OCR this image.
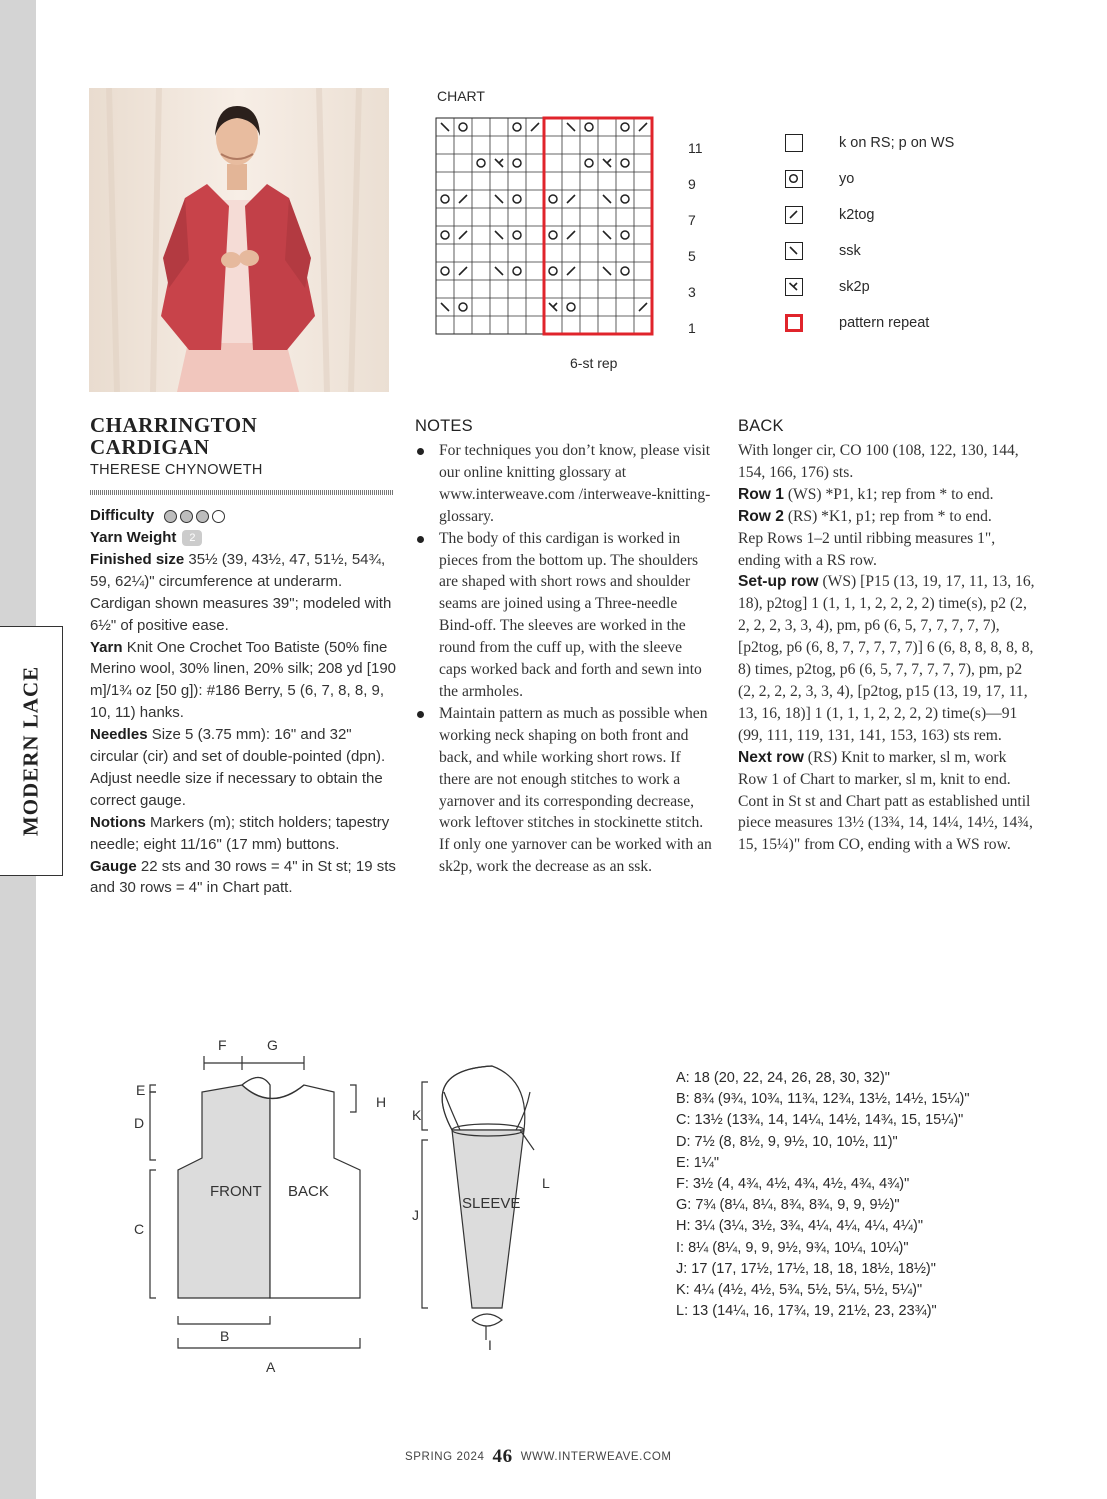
MODERN LACE
CHART
11
9
7
5
3
1
6-st rep
k on RS; p on WS
yo
k2tog
ssk
sk2p
pattern repeat
CHARRINGTON
CARDIGAN
THERESE CHYNOWETH

Difficulty

Yarn Weight 2

Finished size 35½ (39, 43½, 47, 51½, 54¾, 59, 62¼)" circumference at underarm. Cardigan shown measures 39"; modeled with 6½" of positive ease.

Yarn Knit One Crochet Too Batiste (50% fine Merino wool, 30% linen, 20% silk; 208 yd [190 m]/1¾ oz [50 g]): #186 Berry, 5 (6, 7, 8, 8, 9, 10, 11) hanks.

Needles Size 5 (3.75 mm): 16" and 32" circular (cir) and set of double-pointed (dpn). Adjust needle size if necessary to obtain the correct gauge.

Notions Markers (m); stitch holders; tapestry needle; eight 11/16" (17 mm) buttons.

Gauge 22 sts and 30 rows = 4" in St st; 19 sts and 30 rows = 4" in Chart patt.

NOTES
For techniques you don’t know, please visit our online knitting glossary at www.interweave.com /interweave-knitting-glossary.
The body of this cardigan is worked in pieces from the bottom up. The shoulders are shaped with short rows and shoulder seams are joined using a Three-needle Bind-off. The sleeves are worked in the round from the cuff up, with the sleeve caps worked back and forth and sewn into the armholes.
Maintain pattern as much as possible when working neck shaping on both front and back, and while working short rows. If there are not enough stitches to work a yarnover and its corresponding decrease, work leftover stitches in stockinette stitch. If only one yarnover can be worked with an sk2p, work the decrease as an ssk.
BACK

With longer cir, CO 100 (108, 122, 130, 144, 154, 166, 176) sts.

Row 1 (WS) *P1, k1; rep from * to end.

Row 2 (RS) *K1, p1; rep from * to end.

Rep Rows 1–2 until ribbing measures 1", ending with a RS row.

Set-up row (WS) [P15 (13, 19, 17, 11, 13, 16, 18), p2tog] 1 (1, 1, 1, 2, 2, 2, 2) time(s), p2 (2, 2, 2, 2, 3, 3, 4), pm, p6 (6, 5, 7, 7, 7, 7, 7), [p2tog, p6 (6, 8, 7, 7, 7, 7, 7)] 6 (6, 8, 8, 8, 8, 8, 8) times, p2tog, p6 (6, 5, 7, 7, 7, 7, 7), pm, p2 (2, 2, 2, 2, 3, 3, 4), [p2tog, p15 (13, 19, 17, 11, 13, 16, 18)] 1 (1, 1, 1, 2, 2, 2, 2) time(s)—91 (99, 111, 119, 131, 141, 153, 163) sts rem.

Next row (RS) Knit to marker, sl m, work Row 1 of Chart to marker, sl m, knit to end.

Cont in St st and Chart patt as established until piece measures 13½ (13¾, 14, 14¼, 14½, 14¾, 15, 15¼)" from CO, ending with a WS row.

FRONT BACK
SLEEVE
F	G
E
D
C
H
B
A
K
J
L
I
A: 18 (20, 22, 24, 26, 28, 30, 32)"
B: 8¾ (9¾, 10¾, 11¾, 12¾, 13½, 14½, 15¼)"
C: 13½ (13¾, 14, 14¼, 14½, 14¾, 15, 15¼)"
D: 7½ (8, 8½, 9, 9½, 10, 10½, 11)"
E: 1¼"
F: 3½ (4, 4¾, 4½, 4¾, 4½, 4¾, 4¾)"
G: 7¾ (8¼, 8¼, 8¾, 8¾, 9, 9, 9½)"
H: 3¼ (3¼, 3½, 3¾, 4¼, 4¼, 4¼, 4¼)"
I: 8¼ (8¼, 9, 9, 9½, 9¾, 10¼, 10¼)"
J: 17 (17, 17½, 17½, 18, 18, 18½, 18½)"
K: 4¼ (4½, 4½, 5¾, 5½, 5¼, 5½, 5¼)"
L: 13 (14¼, 16, 17¾, 19, 21½, 23, 23¾)"
SPRING 2024 46 WWW.INTERWEAVE.COM
